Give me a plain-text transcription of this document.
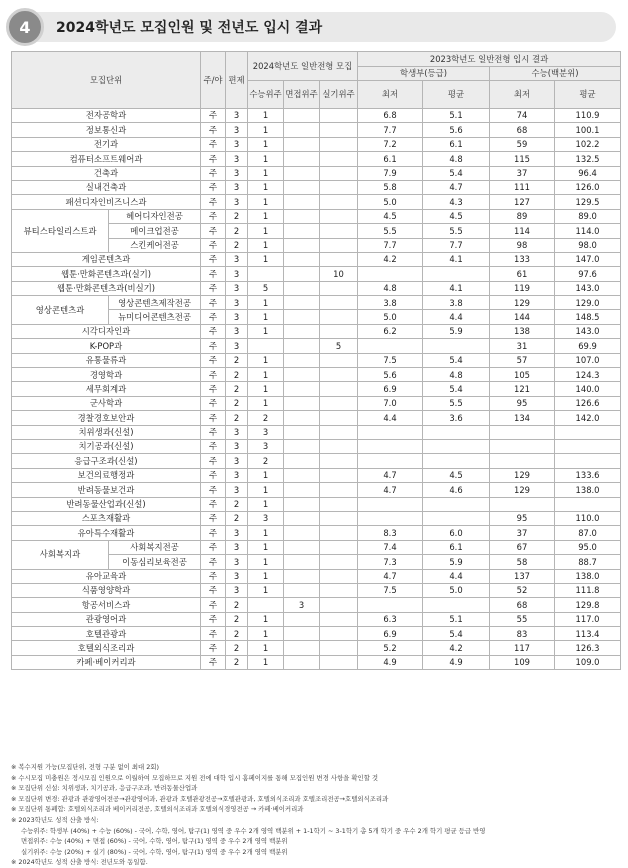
4	2024학년도 모집인원 및 전년도 입시 결과
모집단위		주/야	편제	2024학년도 일반전형 모집			2023학년도 일반전형 입시 결과			
							학생부(등급)		수능(백분위)	
				수능위주	면접위주	실기위주	최저	평균	최저	평균
전자공학과		주	3	1			6.8	5.1	74	110.9
정보통신과		주	3	1			7.7	5.6	68	100.1
전기과		주	3	1			7.2	6.1	59	102.2
컴퓨터소프트웨어과		주	3	1			6.1	4.8	115	132.5
건축과		주	3	1			7.9	5.4	37	96.4
실내건축과		주	3	1			5.8	4.7	111	126.0
패션디자인비즈니스과		주	3	1			5.0	4.3	127	129.5
뷰티스타일리스트과	헤어디자인전공	주	2	1			4.5	4.5	89	89.0
	메이크업전공	주	2	1			5.5	5.5	114	114.0
	스킨케어전공	주	2	1			7.7	7.7	98	98.0
게임콘텐츠과		주	3	1			4.2	4.1	133	147.0
웹툰·만화콘텐츠과(실기)		주	3			10			61	97.6
웹툰·만화콘텐츠과(비실기)		주	3	5			4.8	4.1	119	143.0
영상콘텐츠과	영상콘텐츠제작전공	주	3	1			3.8	3.8	129	129.0
	뉴미디어콘텐츠전공	주	3	1			5.0	4.4	144	148.5
시각디자인과		주	3	1			6.2	5.9	138	143.0
K-POP과		주	3			5			31	69.9
유통물류과		주	2	1			7.5	5.4	57	107.0
경영학과		주	2	1			5.6	4.8	105	124.3
세무회계과		주	2	1			6.9	5.4	121	140.0
군사학과		주	2	1			7.0	5.5	95	126.6
경찰경호보안과		주	2	2			4.4	3.6	134	142.0
치위생과(신설)		주	3	3						
치기공과(신설)		주	3	3						
응급구조과(신설)		주	3	2						
보건의료행정과		주	3	1			4.7	4.5	129	133.6
반려동물보건과		주	3	1			4.7	4.6	129	138.0
반려동물산업과(신설)		주	2	1						
스포츠재활과		주	2	3					95	110.0
유아특수재활과		주	3	1			8.3	6.0	37	87.0
사회복지과	사회복지전공	주	3	1			7.4	6.1	67	95.0
	이동심리보육전공	주	3	1			7.3	5.9	58	88.7
유아교육과		주	3	1			4.7	4.4	137	138.0
식품영양학과		주	3	1			7.5	5.0	52	111.8
항공서비스과		주	2		3				68	129.8
관광영어과		주	2	1			6.3	5.1	55	117.0
호텔관광과		주	2	1			6.9	5.4	83	113.4
호텔외식조리과		주	2	1			5.2	4.2	117	126.3
카페·베이커리과		주	2	1			4.9	4.9	109	109.0
※ 복수지원 가능(모집단위, 전형 구분 없이 최대 2회)
※ 수시모집 미충원은 정시모집 인원으로 이월하여 모집하므로 지원 전에 대학 입시 홈페이지를 통해 모집인원 변경 사항을 확인할 것
※ 모집단위 신설: 치위생과, 치기공과, 응급구조과, 반려동물산업과
※ 모집단위 변경: 관광과 관광영어전공→관광영어과, 관광과 호텔관광전공→호텔관광과, 호텔외식조리과 호텔조리전공→호텔외식조리과
※ 모집단위 통폐합: 호텔외식조리과 베이커리전공, 호텔외식조리과 호텔외식경영전공 → 카페·베이커리과
※ 2023학년도 성적 산출 방식:
수능위주: 학생부 (40%) + 수능 (60%) - 국어, 수학, 영어, 탐구(1) 영역 중 우수 2개 영역 백분위 + 1-1학기 ~ 3-1학기 총 5개 학기 중 우수 2개 학기 평균 등급 반영
면접위주: 수능 (40%) + 면접 (60%) - 국어, 수학, 영어, 탐구(1) 영역 중 우수 2개 영역 백분위
실기위주: 수능 (20%) + 실기 (80%) - 국어, 수학, 영어, 탐구(1) 영역 중 우수 2개 영역 백분위
※ 2024학년도 성적 산출 방식: 전년도와 동일함.
